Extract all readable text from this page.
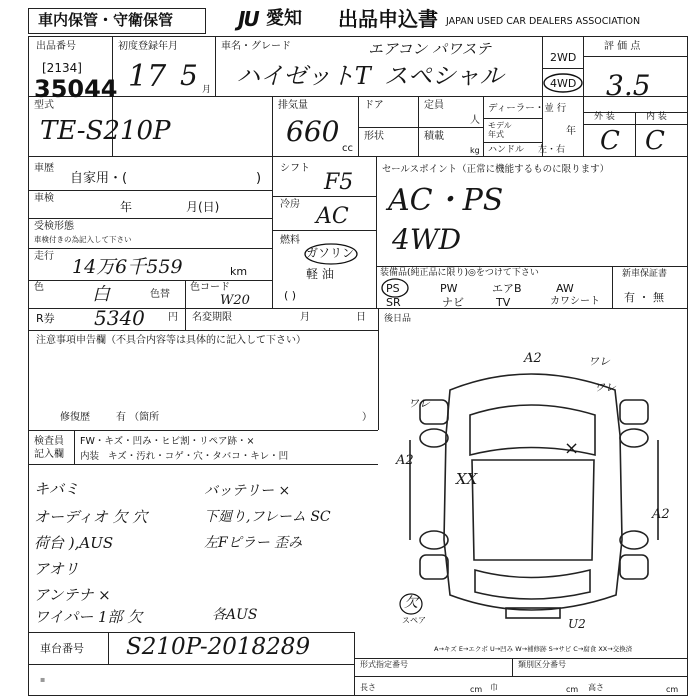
車内保管・守衛保管	JU 愛知 出品申込書 JAPAN USED CAR DEALERS ASSOCIATION
出品番号
[2134]
35044
初度登録年月
17 5 月
車名・グレード
ハイゼットT
エアコン パワステ
スペシャル
2WD
4WD
評 価 点
3.5
型式
TE-S210P
排気量
660
cc
ドア	定員
人
形状	積載
kg
ディーラー・並 行
モデル
年式	年
ハンドル 左・右
外 装	内 装
C C
車歴
自家用・(	)
車検
年	月(日)
受検形態
車検付きの為記入して下さい
走行 14万6千559	km
色	白	色替
色コード
W20
シフト
F5
冷房 AC
燃料
ガソリン
軽 油
( )
セールスポイント（正常に機能するものに限ります）
AC・PS
4WD
装備品(純正品に限り)◎をつけて下さい
PS	PW	エアB	AW
SR	ナビ	TV	カワシート
新車保証書
有 ・ 無
R券 5340 円 名変期限	月	日 後日品
注意事項申告欄（不具合内容等は具体的に記入して下さい）
修復歴	有 （箇所	）
検査員
記入欄
FW・キズ・凹み・ヒビ割・リペア跡・×
内装 キズ・汚れ・コゲ・穴・タバコ・キレ・凹
キバミ
オーディオ 欠 穴
荷台 ),AUS
アオリ
アンテナ ×
ワイパー 1部 欠
バッテリー ×
下廻り,フレーム SC
左Fピラー 歪み
各AUS
A2	ワレ
A2
XX
A2
ワレ
U2
ワレ
欠
スペア
×
A→キズ E→エクボ U→凹み W→補修跡 S→サビ C→腐食 XX→交換済
車台番号 S210P-2018289
▪
形式指定番号	類別区分番号
長さ	cm 巾	cm 高さ	cm
